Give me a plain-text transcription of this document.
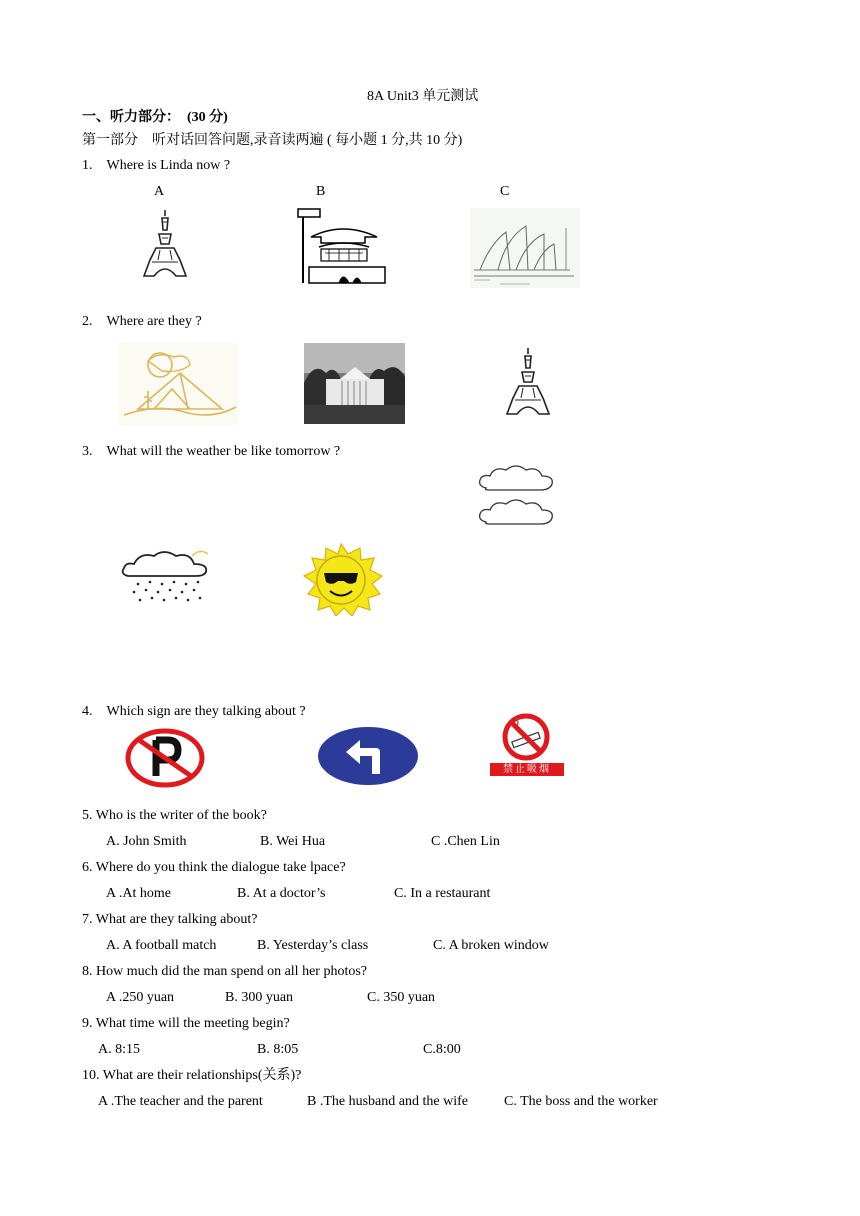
8A Unit3 单元测试
一、听力部分： (30 分)
第一部分　听对话回答问题,录音读两遍 ( 每小题 1 分,共 10 分)
1.　Where is Linda now ?
A	B	C
2.　Where are they ?
3.　What will the weather be like tomorrow ?
4.　Which sign are they talking about ?
禁止吸烟
5. Who is the writer of the book?
A. John Smith	B. Wei Hua	C .Chen Lin
6. Where do you think the dialogue take lpace?
A .At home	B. At a doctor’s	C. In a restaurant
7. What are they talking about?
A. A football match	B. Yesterday’s class	C. A broken window
8. How much did the man spend on all her photos?
A .250 yuan	B. 300 yuan	C. 350 yuan
9. What time will the meeting begin?
A. 8:15	B. 8:05	C.8:00
10. What are their relationships(关系)?
A .The teacher and the parent	B .The husband and the wife	C. The boss and the worker
